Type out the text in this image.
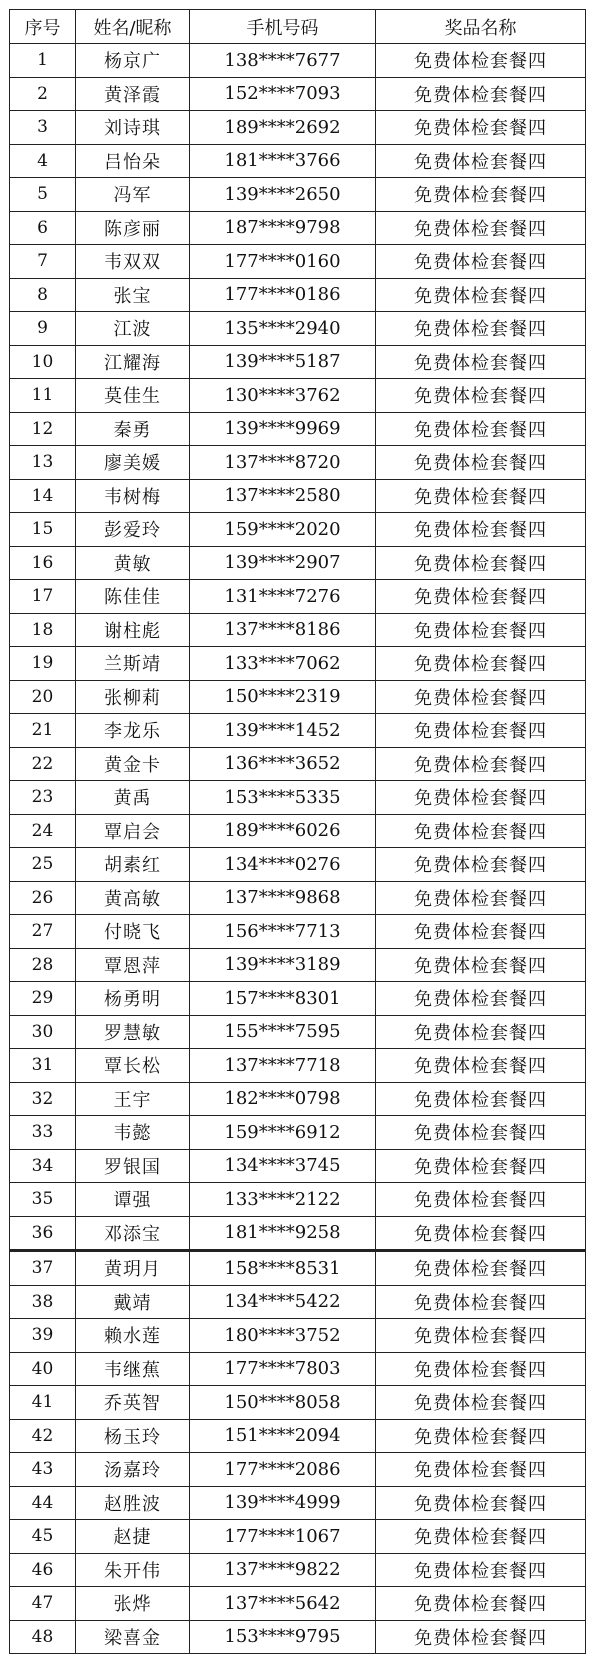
序号	姓名/昵称	手机号码	奖品名称
1	杨京广	138****7677	免费体检套餐四
2	黄泽霞	152****7093	免费体检套餐四
3	刘诗琪	189****2692	免费体检套餐四
4	吕怡朵	181****3766	免费体检套餐四
5	冯军	139****2650	免费体检套餐四
6	陈彦丽	187****9798	免费体检套餐四
7	韦双双	177****0160	免费体检套餐四
8	张宝	177****0186	免费体检套餐四
9	江波	135****2940	免费体检套餐四
10	江耀海	139****5187	免费体检套餐四
11	莫佳生	130****3762	免费体检套餐四
12	秦勇	139****9969	免费体检套餐四
13	廖美媛	137****8720	免费体检套餐四
14	韦树梅	137****2580	免费体检套餐四
15	彭爱玲	159****2020	免费体检套餐四
16	黄敏	139****2907	免费体检套餐四
17	陈佳佳	131****7276	免费体检套餐四
18	谢柱彪	137****8186	免费体检套餐四
19	兰斯靖	133****7062	免费体检套餐四
20	张柳莉	150****2319	免费体检套餐四
21	李龙乐	139****1452	免费体检套餐四
22	黄金卡	136****3652	免费体检套餐四
23	黄禹	153****5335	免费体检套餐四
24	覃启会	189****6026	免费体检套餐四
25	胡素红	134****0276	免费体检套餐四
26	黄高敏	137****9868	免费体检套餐四
27	付晓飞	156****7713	免费体检套餐四
28	覃恩萍	139****3189	免费体检套餐四
29	杨勇明	157****8301	免费体检套餐四
30	罗慧敏	155****7595	免费体检套餐四
31	覃长松	137****7718	免费体检套餐四
32	王宇	182****0798	免费体检套餐四
33	韦懿	159****6912	免费体检套餐四
34	罗银国	134****3745	免费体检套餐四
35	谭强	133****2122	免费体检套餐四
36	邓添宝	181****9258	免费体检套餐四
37	黄玥月	158****8531	免费体检套餐四
38	戴靖	134****5422	免费体检套餐四
39	赖水莲	180****3752	免费体检套餐四
40	韦继蕉	177****7803	免费体检套餐四
41	乔英智	150****8058	免费体检套餐四
42	杨玉玲	151****2094	免费体检套餐四
43	汤嘉玲	177****2086	免费体检套餐四
44	赵胜波	139****4999	免费体检套餐四
45	赵捷	177****1067	免费体检套餐四
46	朱开伟	137****9822	免费体检套餐四
47	张烨	137****5642	免费体检套餐四
48	梁喜金	153****9795	免费体检套餐四
